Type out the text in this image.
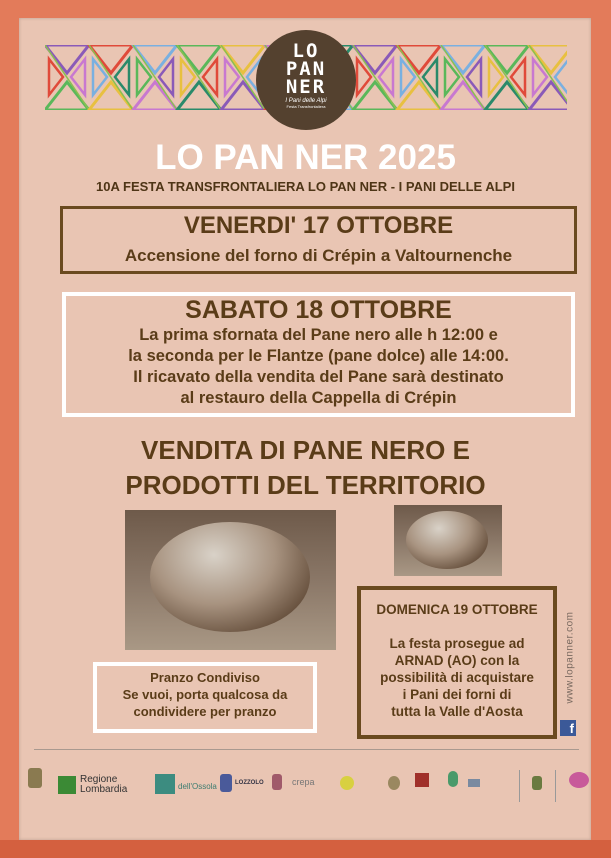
LO
PAN
NER
I Pani delle Alpi
Festa Transfrontaliera
LO PAN NER 2025
10A FESTA TRANSFRONTALIERA LO PAN NER - I PANI DELLE ALPI
VENERDI' 17 OTTOBRE
Accensione del forno di Crépin a Valtournenche
SABATO 18 OTTOBRE
La prima sfornata del Pane nero alle h 12:00 e
la seconda per le Flantze (pane dolce) alle 14:00.
Il ricavato della vendita del Pane sarà destinato
al restauro della Cappella di Crépin
VENDITA DI PANE NERO E
PRODOTTI DEL TERRITORIO
DOMENICA 19 OTTOBRE
La festa prosegue ad
ARNAD (AO) con la
possibilità di acquistare
i Pani dei forni di
tutta la Valle d'Aosta
Pranzo Condiviso
Se vuoi, porta qualcosa da
condividere per pranzo
www.lopanner.com
f
Regione
Lombardia	dell'Ossola	LOZZOLO	crepa
